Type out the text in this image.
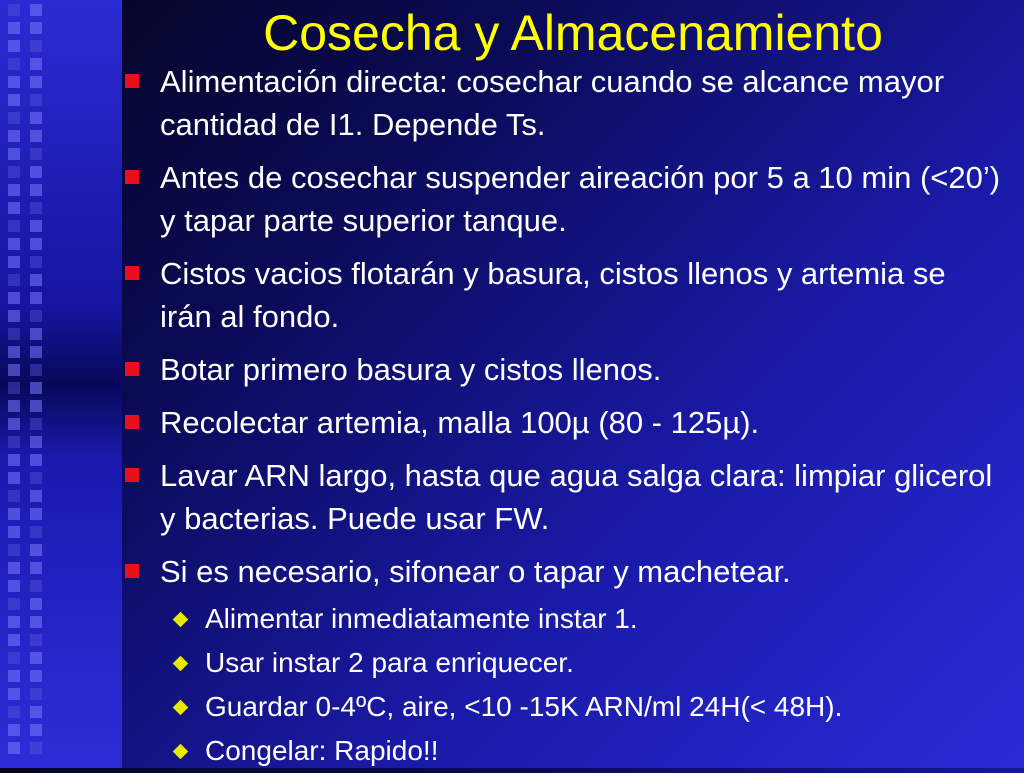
Cosecha y Almacenamiento
Alimentación directa: cosechar cuando se alcance mayor cantidad de I1. Depende Ts.
Antes de cosechar suspender aireación por 5 a 10 min (<20’) y tapar parte superior tanque.
Cistos vacios flotarán y basura, cistos llenos y artemia se irán al fondo.
Botar primero basura y cistos llenos.
Recolectar artemia, malla 100µ (80 - 125µ).
Lavar ARN largo, hasta que agua salga clara: limpiar glicerol y bacterias. Puede usar FW.
Si es necesario, sifonear o tapar y machetear.
Alimentar inmediatamente instar 1.
Usar instar 2 para enriquecer.
Guardar 0-4ºC, aire, <10 -15K ARN/ml 24H(< 48H).
Congelar: Rapido!!
